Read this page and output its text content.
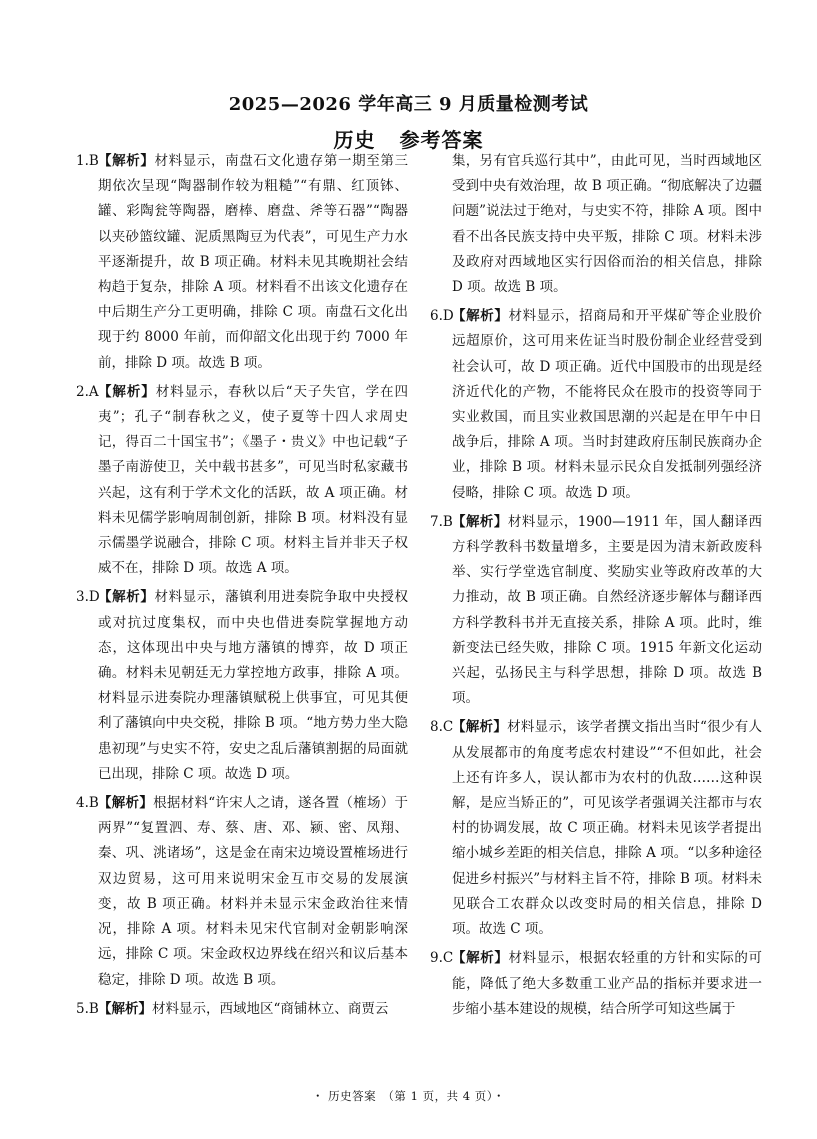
2025—2026 学年高三 9 月质量检测考试
历史 参考答案
1.B 【解析】材料显示，南盘石文化遗存第一期至第三期依次呈现“陶器制作较为粗糙”“有鼎、红顶钵、罐、彩陶瓮等陶器，磨棒、磨盘、斧等石器”“陶器以夹砂篮纹罐、泥质黑陶豆为代表”，可见生产力水平逐渐提升，故 B 项正确。材料未见其晚期社会结构趋于复杂，排除 A 项。材料看不出该文化遗存在中后期生产分工更明确，排除 C 项。南盘石文化出现于约 8000 年前，而仰韶文化出现于约 7000 年前，排除 D 项。故选 B 项。
2.A 【解析】材料显示，春秋以后“天子失官，学在四夷”；孔子“制春秋之义，使子夏等十四人求周史记，得百二十国宝书”；《墨子・贵义》中也记载“子墨子南游使卫，关中载书甚多”，可见当时私家藏书兴起，这有利于学术文化的活跃，故 A 项正确。材料未见儒学影响周制创新，排除 B 项。材料没有显示儒墨学说融合，排除 C 项。材料主旨并非天子权威不在，排除 D 项。故选 A 项。
3.D
【解析】材料显示，藩镇利用进奏院争取中央授权或对抗过度集权，而中央也借进奏院掌握地方动态，这体现出中央与地方藩镇的博弈，故 D 项正确。材料未见朝廷无力掌控地方政事，排除 A 项。材料显示进奏院办理藩镇赋税上供事宜，可见其便利了藩镇向中央交税，排除 B 项。“地方势力坐大隐患初现”与史实不符，安史之乱后藩镇割据的局面就已出现，排除 C 项。故选 D 项。
4.B 【解析】根据材料“许宋人之请，遂各置（榷场）于两界”“复置泗、寿、蔡、唐、邓、颍、密、凤翔、秦、巩、洮诸场”，这是金在南宋边境设置榷场进行双边贸易，这可用来说明宋金互市交易的发展演变，故 B 项正确。材料并未显示宋金政治往来情况，排除 A 项。材料未见宋代官制对金朝影响深远，排除 C 项。宋金政权边界线在绍兴和议后基本稳定，排除 D 项。故选 B 项。
5.B 【解析】材料显示，西域地区“商铺林立、商贾云
集，另有官兵巡行其中”，由此可见，当时西域地区受到中央有效治理，故 B 项正确。“彻底解决了边疆问题”说法过于绝对，与史实不符，排除 A 项。图中看不出各民族支持中央平叛，排除 C 项。材料未涉及政府对西域地区实行因俗而治的相关信息，排除 D 项。故选 B 项。
6.D
【解析】材料显示，招商局和开平煤矿等企业股价远超原价，这可用来佐证当时股份制企业经营受到社会认可，故 D 项正确。近代中国股市的出现是经济近代化的产物，不能将民众在股市的投资等同于实业救国，而且实业救国思潮的兴起是在甲午中日战争后，排除 A 项。当时封建政府压制民族商办企业，排除 B 项。材料未显示民众自发抵制列强经济侵略，排除 C 项。故选 D 项。
7.B 【解析】材料显示，1900—1911 年，国人翻译西方科学教科书数量增多，主要是因为清末新政废科举、实行学堂选官制度、奖励实业等政府改革的大力推动，故 B 项正确。自然经济逐步解体与翻译西方科学教科书并无直接关系，排除 A 项。此时，维新变法已经失败，排除 C 项。1915 年新文化运动兴起，弘扬民主与科学思想，排除 D 项。故选 B 项。
8.C
【解析】材料显示，该学者撰文指出当时“很少有人从发展都市的角度考虑农村建设”“不但如此，社会上还有许多人，误认都市为农村的仇敌……这种误解，是应当矫正的”，可见该学者强调关注都市与农村的协调发展，故 C 项正确。材料未见该学者提出缩小城乡差距的相关信息，排除 A 项。“以多种途径促进乡村振兴”与材料主旨不符，排除 B 项。材料未见联合工农群众以改变时局的相关信息，排除 D 项。故选 C 项。
9.C
【解析】材料显示，根据农轻重的方针和实际的可能，降低了绝大多数重工业产品的指标并要求进一步缩小基本建设的规模，结合所学可知这些属于
・ 历史答案　（第 1 页，共 4 页）・
